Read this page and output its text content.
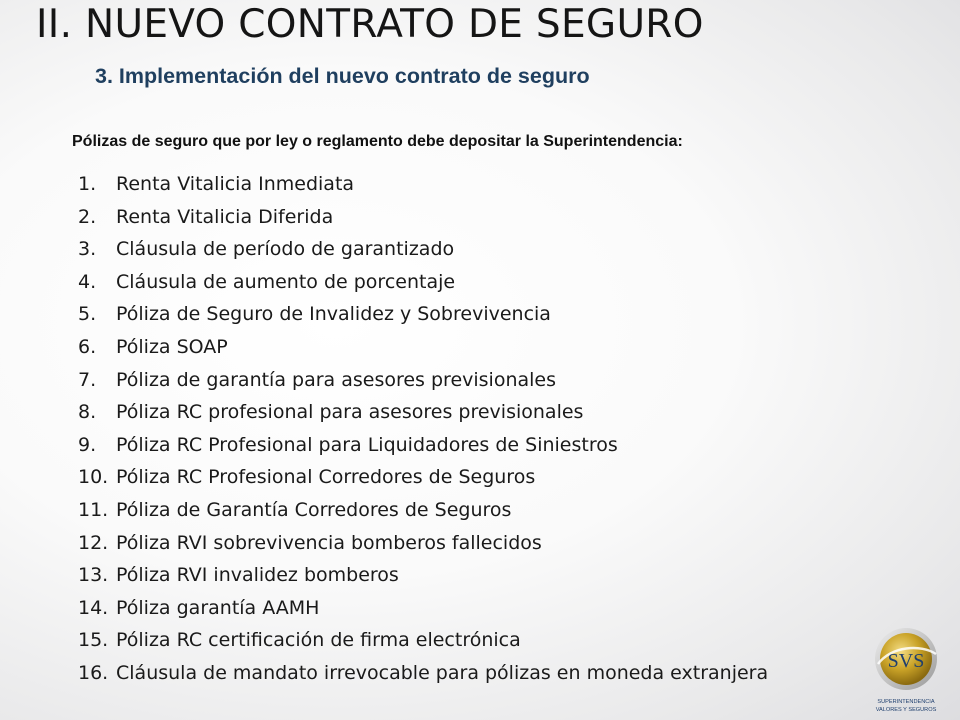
II. NUEVO CONTRATO DE SEGURO
3. Implementación del nuevo contrato de seguro
Pólizas de seguro que por ley o reglamento debe depositar la Superintendencia:
1.	Renta Vitalicia Inmediata
2.	Renta Vitalicia Diferida
3.	Cláusula de período de garantizado
4.	Cláusula de aumento de porcentaje
5.	Póliza de Seguro de Invalidez y Sobrevivencia
6.	Póliza SOAP
7.	Póliza de garantía para asesores previsionales
8.	Póliza RC profesional para asesores previsionales
9.	Póliza RC Profesional para Liquidadores de Siniestros
10. Póliza RC Profesional Corredores de Seguros
11. Póliza de Garantía Corredores de Seguros
12. Póliza RVI sobrevivencia bomberos fallecidos
13. Póliza RVI invalidez bomberos
14. Póliza garantía AAMH
15. Póliza RC certificación de firma electrónica
16. Cláusula de mandato irrevocable para pólizas en moneda extranjera
SVS
SUPERINTENDENCIA
VALORES Y SEGUROS
